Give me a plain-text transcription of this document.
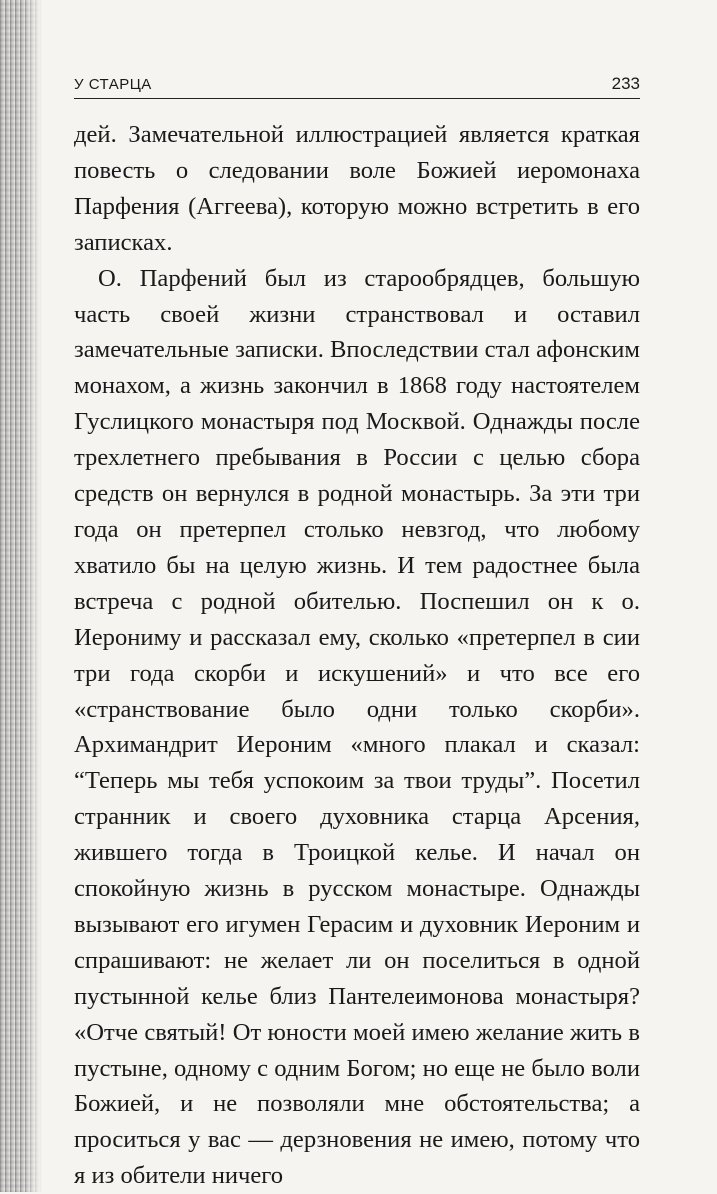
У СТАРЦА	233

дей. Замечательной иллюстрацией является краткая повесть о следовании воле Божией иеромонаха Парфения (Аггеева), которую можно встретить в его записках.

О. Парфений был из старообрядцев, большую часть своей жизни странствовал и оставил замечательные записки. Впоследствии стал афонским монахом, а жизнь закончил в 1868 году настоятелем Гуслицкого монастыря под Москвой. Однажды после трехлетнего пребывания в России с целью сбора средств он вернулся в родной монастырь. За эти три года он претерпел столько невзгод, что любому хватило бы на целую жизнь. И тем радостнее была встреча с родной обителью. Поспешил он к о. Иерониму и рассказал ему, сколько «претерпел в сии три года скорби и искушений» и что все его «странствование было одни только скорби». Архимандрит Иероним «много плакал и сказал: “Теперь мы тебя успокоим за твои труды”. Посетил странник и своего духовника старца Арсения, жившего тогда в Троицкой келье. И начал он спокойную жизнь в русском монастыре. Однажды вызывают его игумен Герасим и духовник Иероним и спрашивают: не желает ли он поселиться в одной пустынной келье близ Пантелеимонова монастыря? «Отче святый! От юности моей имею желание жить в пустыне, одному с одним Богом; но еще не было воли Божией, и не позволяли мне обстоятельства; а проситься у вас — дерзновения не имею, потому что я из обители ничего
